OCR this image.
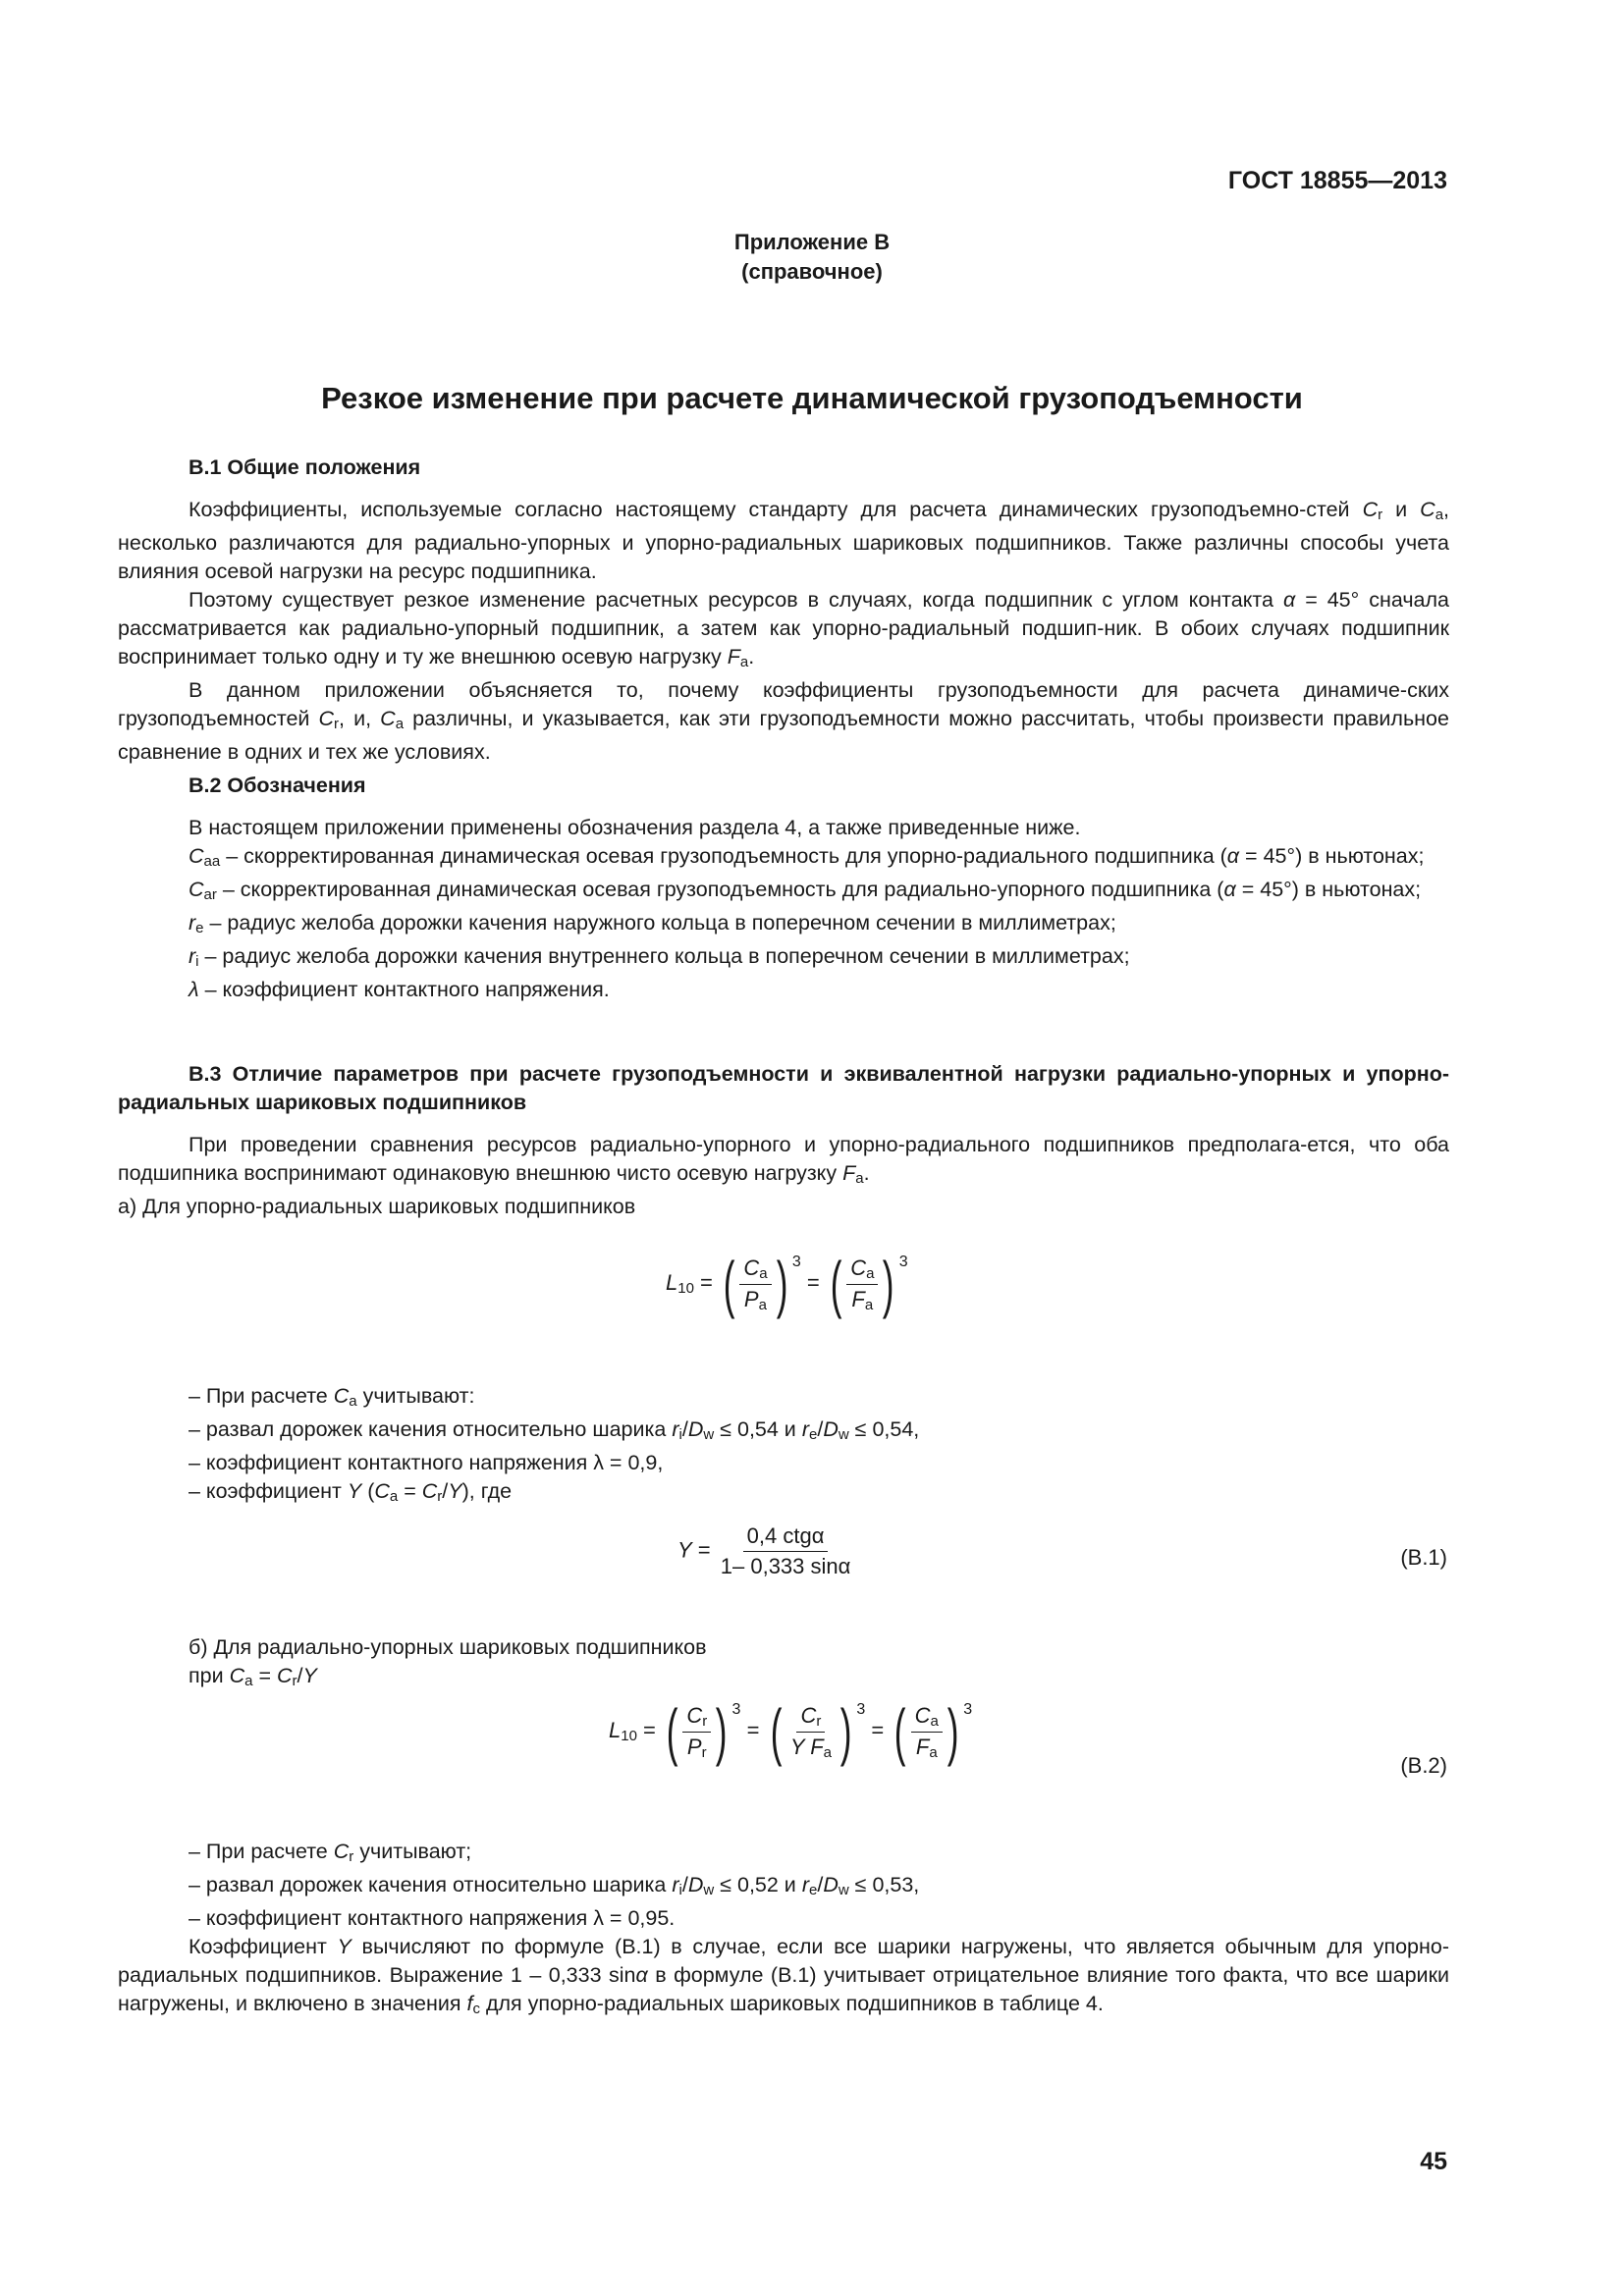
ГОСТ 18855—2013
Приложение В
(справочное)
Резкое изменение при расчете динамической грузоподъемности

В.1 Общие положения

Коэффициенты, используемые согласно настоящему стандарту для расчета динамических грузоподъемно-стей $C_r$ и $C_a$, несколько различаются для радиально-упорных и упорно-радиальных шариковых подшипников. Также различны способы учета влияния осевой нагрузки на ресурс подшипника.

Поэтому существует резкое изменение расчетных ресурсов в случаях, когда подшипник с углом контакта α = 45° сначала рассматривается как радиально-упорный подшипник, а затем как упорно-радиальный подшип-ник. В обоих случаях подшипник воспринимает только одну и ту же внешнюю осевую нагрузку $F_a$.

В данном приложении объясняется то, почему коэффициенты грузоподъемности для расчета динамиче-ских грузоподъемностей $C_r$, и, $C_a$ различны, и указывается, как эти грузоподъемности можно рассчитать, чтобы произвести правильное сравнение в одних и тех же условиях.

В.2 Обозначения

В настоящем приложении применены обозначения раздела 4, а также приведенные ниже.

$C_{aa}$ – скорректированная динамическая осевая грузоподъемность для упорно-радиального подшипника (α = 45°) в ньютонах;

$C_{ar}$ – скорректированная динамическая осевая грузоподъемность для радиально-упорного подшипника (α = 45°) в ньютонах;

$r_e$ – радиус желоба дорожки качения наружного кольца в поперечном сечении в миллиметрах;

$r_i$ – радиус желоба дорожки качения внутреннего кольца в поперечном сечении в миллиметрах;

λ – коэффициент контактного напряжения.

В.3 Отличие параметров при расчете грузоподъемности и эквивалентной нагрузки радиально-упорных и упорно-радиальных шариковых подшипников

При проведении сравнения ресурсов радиально-упорного и упорно-радиального подшипников предполага-ется, что оба подшипника воспринимают одинаковую внешнюю чисто осевую нагрузку $F_a$.

а) Для упорно-радиальных шариковых подшипников

$L_{10}$ = ( $\frac{C_a}{P_a}$ ) $^3$ = ( $\frac{C_a}{F_a}$ ) $^3$

– При расчете $C_a$ учитывают:

– развал дорожек качения относительно шарика $r_i/D_w \le 0,54$ и $r_e/D_w \le 0,54$,

– коэффициент контактного напряжения λ = 0,9,

– коэффициент Y $(C_a = C_r/Y)$, где

$Y = \frac{\text{0,4 ctgα}}{1- 0,333 \sin\alpha}$	(В.1)

б) Для радиально-упорных шариковых подшипников

при $C_a = C_r/Y$

$L_{10}$ = ( $\frac{C_r}{P_r}$ ) $^3$ = ( $\frac{C_r}{Y F_a}$ ) $^3$ = ( $\frac{C_a}{F_a}$ ) $^3$
(В.2)

– При расчете $C_r$ учитывают;

– развал дорожек качения относительно шарика $r_i/D_w \le 0,52$ и $r_e/D_w \le 0,53$,

– коэффициент контактного напряжения λ = 0,95.

Коэффициент Y вычисляют по формуле (В.1) в случае, если все шарики нагружены, что является обычным для упорно-радиальных подшипников. Выражение 1 – 0,333 sinα в формуле (В.1) учитывает отрицательное влияние того факта, что все шарики нагружены, и включено в значения $f_c$ для упорно-радиальных шариковых подшипников в таблице 4.

45
